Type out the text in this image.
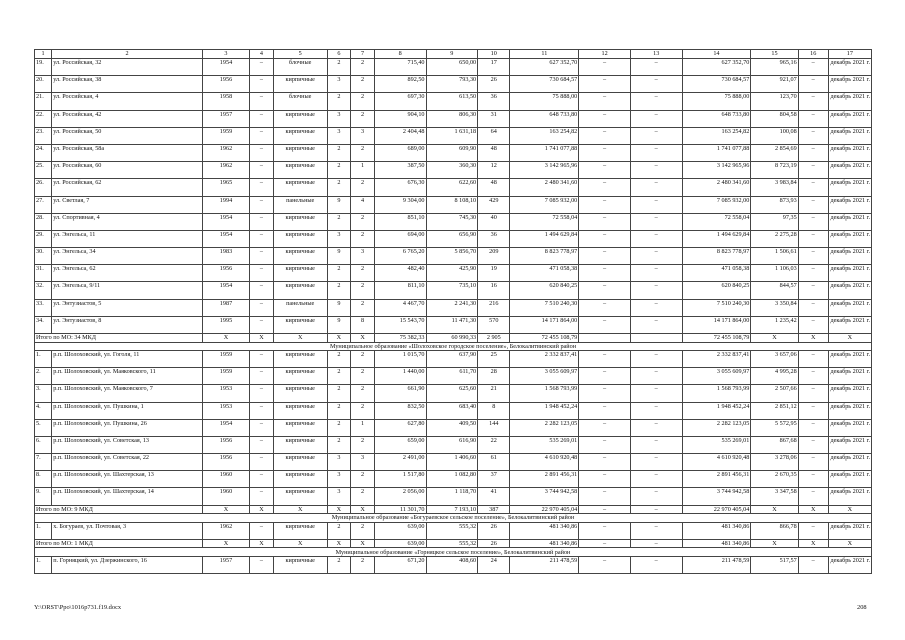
1	2	3	4	5	6	7	8	9	10	11	12	13	14	15	16	17
19.	ул. Российская, 32	1954	–	блочные	2	2	715,40	650,00	17	627 352,70	–	–	627 352,70	965,16	–	декабрь 2021 г.
20.	ул. Российская, 38	1956	–	кирпичные	3	2	892,50	793,30	26	730 684,57	–	–	730 684,57	921,07	–	декабрь 2021 г.
21.	ул. Российская, 4	1958	–	блочные	2	2	697,30	613,50	36	75 888,00	–	–	75 888,00	123,70	–	декабрь 2021 г.
22.	ул. Российская, 42	1957	–	кирпичные	3	2	904,10	806,30	31	648 733,80	–	–	648 733,80	804,58	–	декабрь 2021 г.
23.	ул. Российская, 50	1959	–	кирпичные	3	3	2 404,48	1 631,18	64	163 254,82	–	–	163 254,82	100,08	–	декабрь 2021 г.
24.	ул. Российская, 58а	1962	–	кирпичные	2	2	689,00	609,90	48	1 741 077,88	–	–	1 741 077,88	2 854,69	–	декабрь 2021 г.
25.	ул. Российская, 60	1962	–	кирпичные	2	1	387,50	360,30	12	3 142 965,96	–	–	3 142 965,96	8 723,19	–	декабрь 2021 г.
26.	ул. Российская, 62	1965	–	кирпичные	2	2	676,30	622,60	48	2 480 341,60	–	–	2 480 341,60	3 983,84	–	декабрь 2021 г.
27.	ул. Светлая, 7	1994	–	панельные	9	4	9 304,00	8 108,10	429	7 085 932,00	–	–	7 085 932,00	873,93	–	декабрь 2021 г.
28.	ул. Спортивная, 4	1954	–	кирпичные	2	2	851,10	745,30	40	72 558,04	–	–	72 558,04	97,35	–	декабрь 2021 г.
29.	ул. Энгельса, 11	1954	–	кирпичные	3	2	694,00	656,90	36	1 494 629,84	–	–	1 494 629,84	2 275,28	–	декабрь 2021 г.
30.	ул. Энгельса, 34	1983	–	кирпичные	9	3	6 765,20	5 856,70	209	8 823 778,97	–	–	8 823 778,97	1 506,61	–	декабрь 2021 г.
31.	ул. Энгельса, 62	1956	–	кирпичные	2	2	482,40	425,90	19	471 058,38	–	–	471 058,38	1 106,03	–	декабрь 2021 г.
32.	ул. Энгельса, 9/11	1954	–	кирпичные	2	2	811,10	735,10	16	620 840,25	–	–	620 840,25	844,57	–	декабрь 2021 г.
33.	ул. Энтузиастов, 5	1987	–	панельные	9	2	4 467,70	2 241,30	216	7 510 240,30	–	–	7 510 240,30	3 350,84	–	декабрь 2021 г.
34.	ул. Энтузиастов, 8	1995	–	кирпичные	9	8	15 543,70	11 471,30	570	14 171 864,00	–	–	14 171 864,00	1 235,42	–	декабрь 2021 г.
Итого по МО: 34 МКД		X	X	X	X	X	75 382,33	60 990,33	2 905	72 455 108,79			72 455 108,79	X	X	X
Муниципальное образование «Шолоховское городское поселение», Белокалитвинский район																
1.	р.п. Шолоховский, ул. Гоголя, 11	1959	–	кирпичные	2	2	1 015,70	637,90	25	2 332 837,41	–	–	2 332 837,41	3 657,06	–	декабрь 2021 г.
2.	р.п. Шолоховский, ул. Маяковского, 11	1959	–	кирпичные	2	2	1 440,00	611,70	28	3 055 609,97	–	–	3 055 609,97	4 995,28	–	декабрь 2021 г.
3.	р.п. Шолоховский, ул. Маяковского, 7	1953	–	кирпичные	2	2	661,90	625,60	21	1 568 793,99	–	–	1 568 793,99	2 507,66	–	декабрь 2021 г.
4.	р.п. Шолоховский, ул. Пушкина, 1	1953	–	кирпичные	2	2	832,50	683,40	8	1 948 452,24	–	–	1 948 452,24	2 851,12	–	декабрь 2021 г.
5.	р.п. Шолоховский, ул. Пушкина, 26	1954	–	кирпичные	2	1	627,80	409,50	144	2 282 123,05	–	–	2 282 123,05	5 572,95	–	декабрь 2021 г.
6.	р.п. Шолоховский, ул. Советская, 13	1956	–	кирпичные	2	2	659,00	616,90	22	535 269,01	–	–	535 269,01	867,68	–	декабрь 2021 г.
7.	р.п. Шолоховский, ул. Советская, 22	1956	–	кирпичные	3	3	2 491,00	1 406,60	61	4 610 920,48	–	–	4 610 920,48	3 278,06	–	декабрь 2021 г.
8.	р.п. Шолоховский, ул. Шахтерская, 13	1960	–	кирпичные	3	2	1 517,80	1 082,80	37	2 891 456,31	–	–	2 891 456,31	2 670,35	–	декабрь 2021 г.
9.	р.п. Шолоховский, ул. Шахтерская, 14	1960	–	кирпичные	3	2	2 056,00	1 118,70	41	3 744 942,58	–	–	3 744 942,58	3 347,58	–	декабрь 2021 г.
Итого по МО: 9 МКД		X	X	X	X	X	11 301,70	7 193,10	387	22 970 405,04	–	–	22 970 405,04	X	X	X
Муниципальное образование «Богураевское сельское поселение», Белокалитвинский район																
1.	х. Богураев, ул. Почтовая, 3	1962	–	кирпичные	2	2	639,00	555,32	26	481 340,86	–	–	481 340,86	866,78	–	декабрь 2021 г.
Итого по МО: 1 МКД		X	X	X	X	X	639,00	555,32	26	481 340,86	–	–	481 340,86	X	X	X
Муниципальное образование «Горняцкое сельское поселение», Белокалитвинский район																
1.	п. Горняцкий, ул. Дзержинского, 16	1957	–	кирпичные	2	2	671,20	408,60	24	211 478,59	–	–	211 478,59	517,57	–	декабрь 2021 г.
Y:\ORST\Ppo\1016p731.f19.docx	208
